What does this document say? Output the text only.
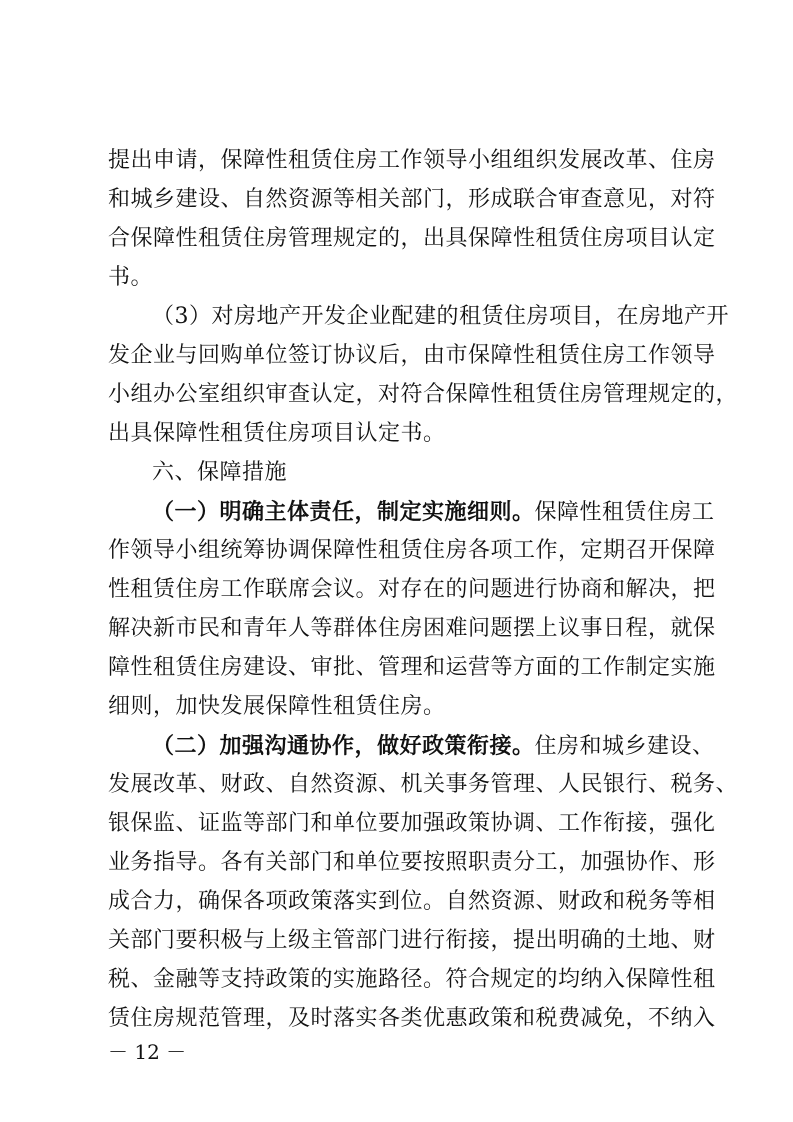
提出申请，保障性租赁住房工作领导小组组织发展改革、住房
和城乡建设、自然资源等相关部门，形成联合审查意见，对符
合保障性租赁住房管理规定的，出具保障性租赁住房项目认定
书。
（3）对房地产开发企业配建的租赁住房项目，在房地产开
发企业与回购单位签订协议后，由市保障性租赁住房工作领导
小组办公室组织审查认定，对符合保障性租赁住房管理规定的，
出具保障性租赁住房项目认定书。
六、保障措施
（一）明确主体责任，制定实施细则。保障性租赁住房工
作领导小组统筹协调保障性租赁住房各项工作，定期召开保障
性租赁住房工作联席会议。对存在的问题进行协商和解决，把
解决新市民和青年人等群体住房困难问题摆上议事日程，就保
障性租赁住房建设、审批、管理和运营等方面的工作制定实施
细则，加快发展保障性租赁住房。
（二）加强沟通协作，做好政策衔接。住房和城乡建设、
发展改革、财政、自然资源、机关事务管理、人民银行、税务、
银保监、证监等部门和单位要加强政策协调、工作衔接，强化
业务指导。各有关部门和单位要按照职责分工，加强协作、形
成合力，确保各项政策落实到位。自然资源、财政和税务等相
关部门要积极与上级主管部门进行衔接，提出明确的土地、财
税、金融等支持政策的实施路径。符合规定的均纳入保障性租
赁住房规范管理，及时落实各类优惠政策和税费减免，不纳入
－ 12 －
